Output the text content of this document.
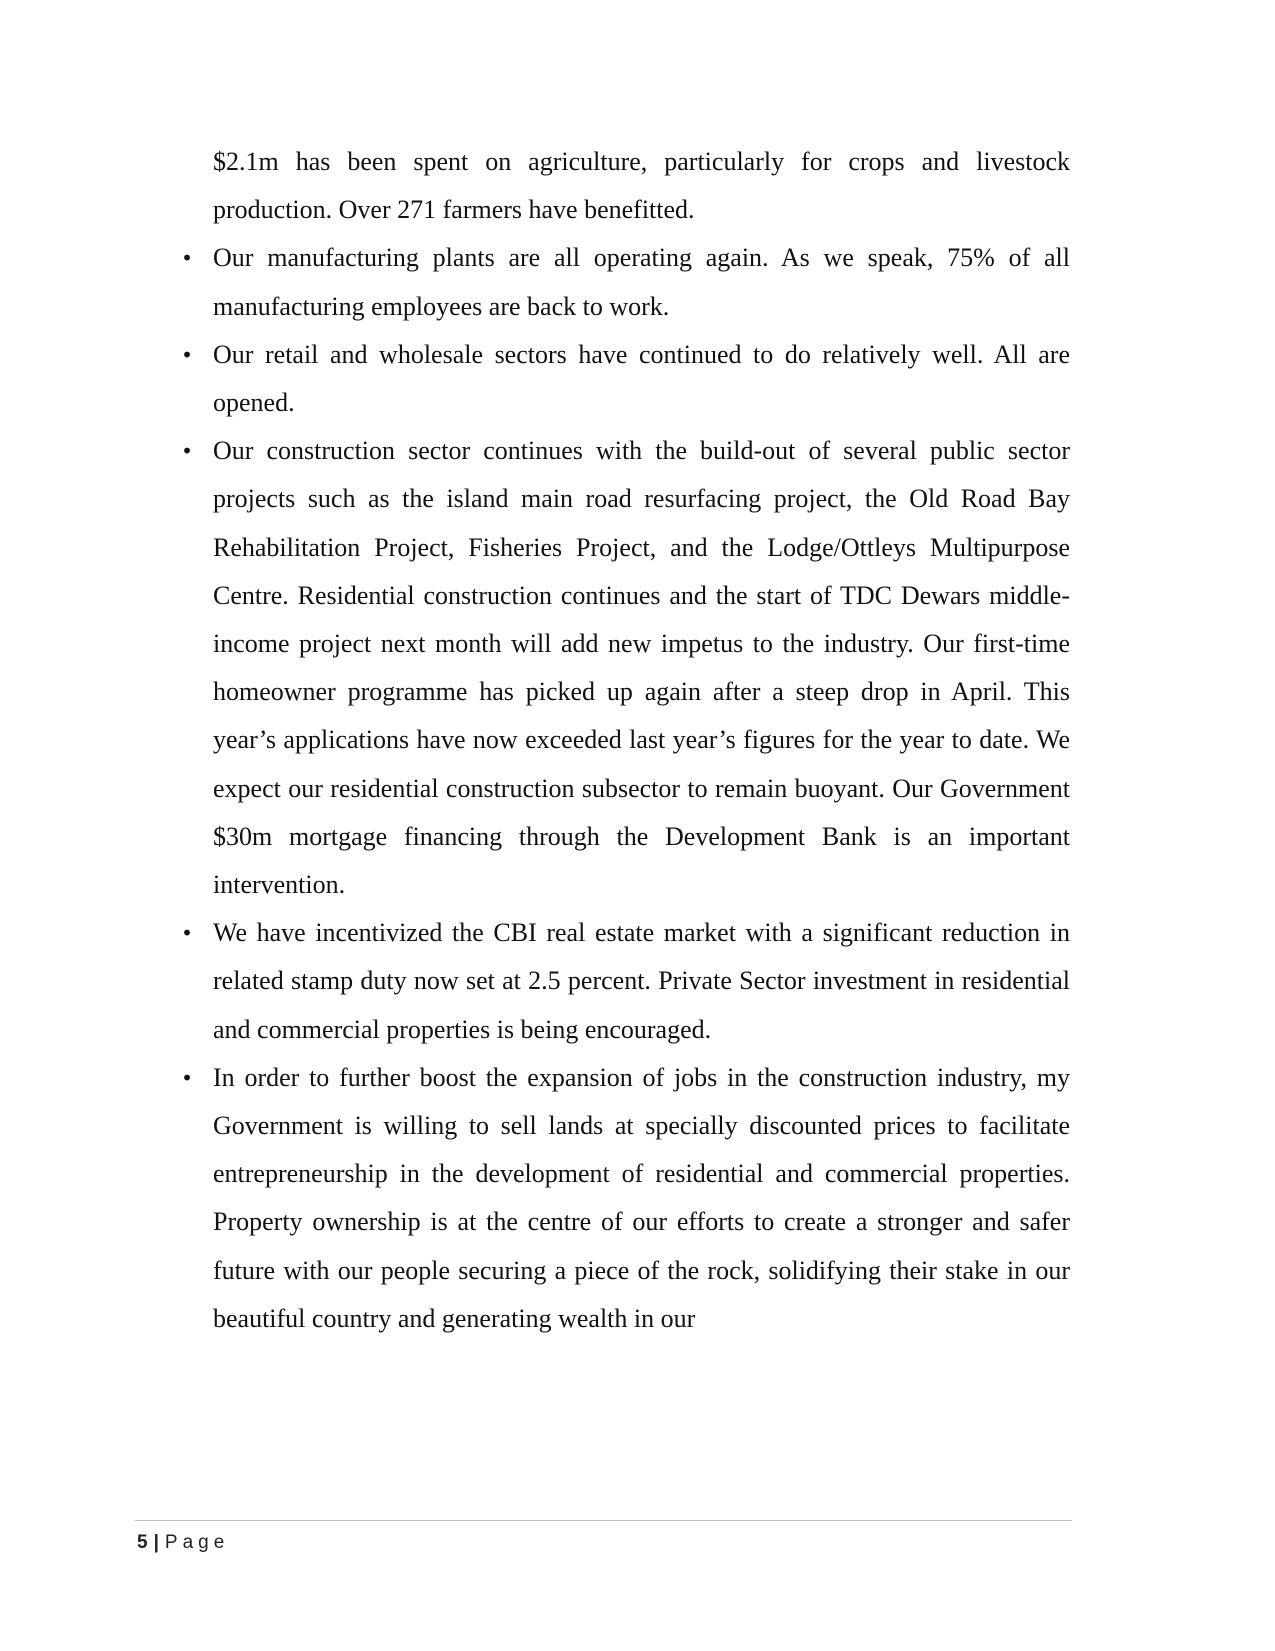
$2.1m has been spent on agriculture, particularly for crops and livestock production. Over 271 farmers have benefitted.

• Our manufacturing plants are all operating again. As we speak, 75% of all manufacturing employees are back to work.

• Our retail and wholesale sectors have continued to do relatively well. All are opened.

• Our construction sector continues with the build-out of several public sector projects such as the island main road resurfacing project, the Old Road Bay Rehabilitation Project, Fisheries Project, and the Lodge/Ottleys Multipurpose Centre. Residential construction continues and the start of TDC Dewars middle-income project next month will add new impetus to the industry. Our first-time homeowner programme has picked up again after a steep drop in April. This year’s applications have now exceeded last year’s figures for the year to date. We expect our residential construction subsector to remain buoyant. Our Government $30m mortgage financing through the Development Bank is an important intervention.

• We have incentivized the CBI real estate market with a significant reduction in related stamp duty now set at 2.5 percent. Private Sector investment in residential and commercial properties is being encouraged.

• In order to further boost the expansion of jobs in the construction industry, my Government is willing to sell lands at specially discounted prices to facilitate entrepreneurship in the development of residential and commercial properties. Property ownership is at the centre of our efforts to create a stronger and safer future with our people securing a piece of the rock, solidifying their stake in our beautiful country and generating wealth in our

5 | Page
